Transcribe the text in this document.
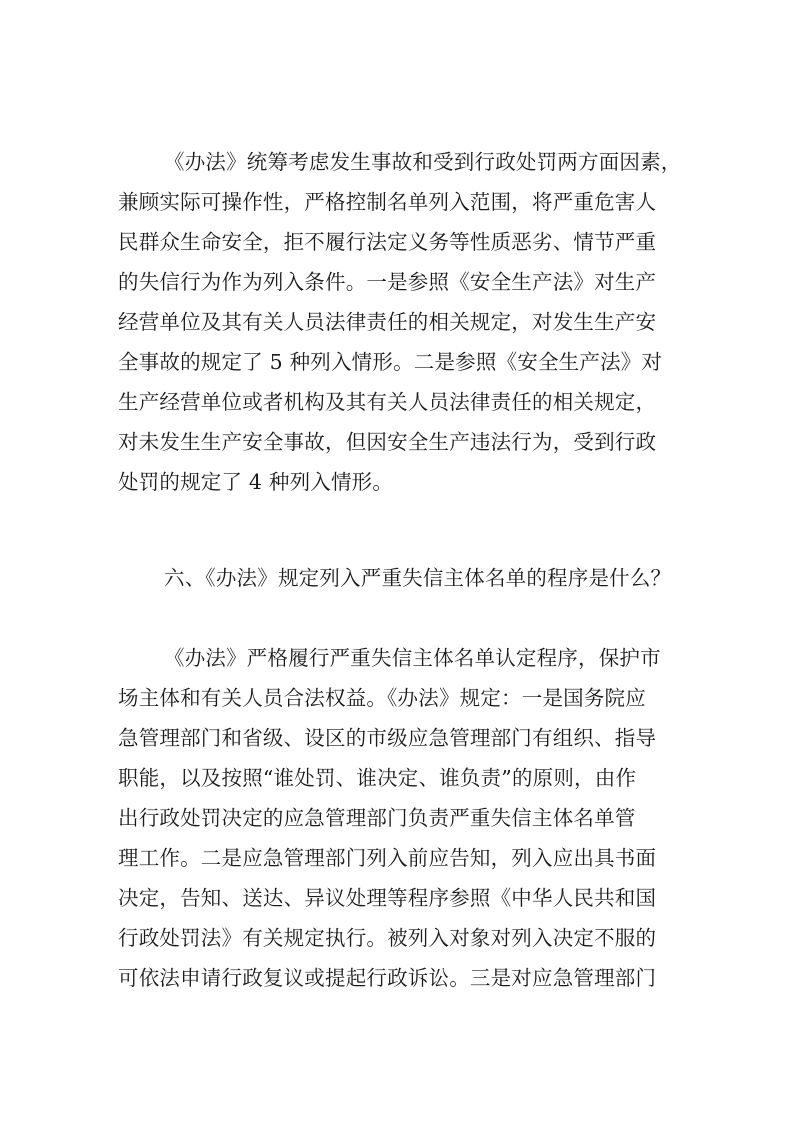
《办法》统筹考虑发生事故和受到行政处罚两方面因素，
兼顾实际可操作性，严格控制名单列入范围，将严重危害人
民群众生命安全，拒不履行法定义务等性质恶劣、情节严重
的失信行为作为列入条件。一是参照《安全生产法》对生产
经营单位及其有关人员法律责任的相关规定，对发生生产安
全事故的规定了 5 种列入情形。二是参照《安全生产法》对
生产经营单位或者机构及其有关人员法律责任的相关规定，
对未发生生产安全事故，但因安全生产违法行为，受到行政
处罚的规定了 4 种列入情形。
六、《办法》规定列入严重失信主体名单的程序是什么？
《办法》严格履行严重失信主体名单认定程序，保护市
场主体和有关人员合法权益。《办法》规定：一是国务院应
急管理部门和省级、设区的市级应急管理部门有组织、指导
职能，以及按照“谁处罚、谁决定、谁负责”的原则，由作
出行政处罚决定的应急管理部门负责严重失信主体名单管
理工作。二是应急管理部门列入前应告知，列入应出具书面
决定，告知、送达、异议处理等程序参照《中华人民共和国
行政处罚法》有关规定执行。被列入对象对列入决定不服的
可依法申请行政复议或提起行政诉讼。三是对应急管理部门
